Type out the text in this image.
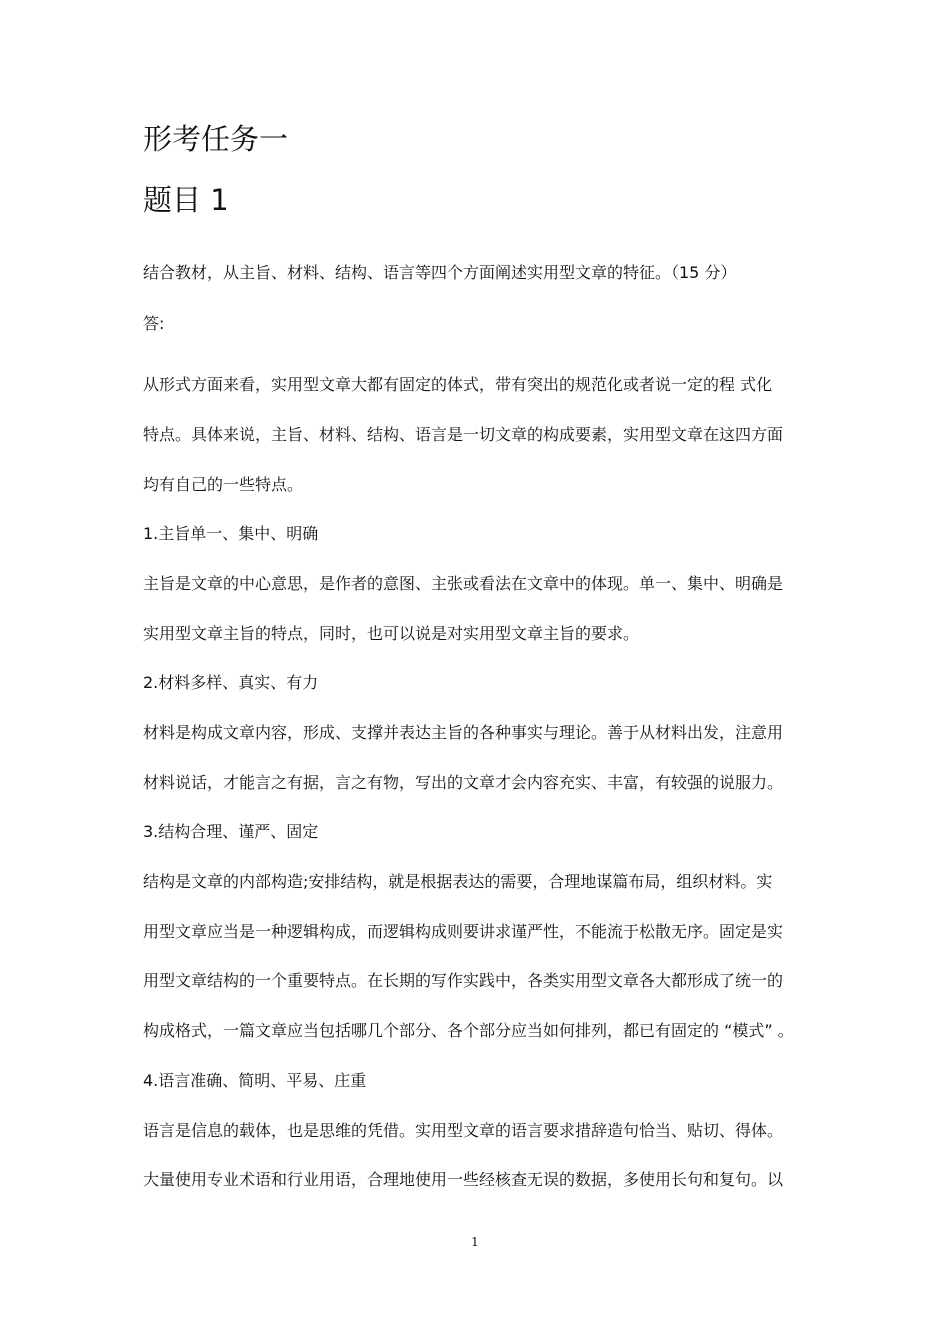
形考任务一
题目 1
结合教材，从主旨、材料、结构、语言等四个方面阐述实用型文章的特征。（15 分）
答:
从形式方面来看，实用型文章大都有固定的体式，带有突出的规范化或者说一定的程 式化
特点。具体来说，主旨、材料、结构、语言是一切文章的构成要素，实用型文章在这四方面
均有自己的一些特点。
1.主旨单一、集中、明确
主旨是文章的中心意思，是作者的意图、主张或看法在文章中的体现。单一、集中、明确是
实用型文章主旨的特点，同时，也可以说是对实用型文章主旨的要求。
2.材料多样、真实、有力
材料是构成文章内容，形成、支撑并表达主旨的各种事实与理论。善于从材料出发，注意用
材料说话，才能言之有据，言之有物，写出的文章才会内容充实、丰富，有较强的说服力。
3.结构合理、谨严、固定
结构是文章的内部构造;安排结构，就是根据表达的需要，合理地谋篇布局，组织材料。实
用型文章应当是一种逻辑构成，而逻辑构成则要讲求谨严性，不能流于松散无序。固定是实
用型文章结构的一个重要特点。在长期的写作实践中，各类实用型文章各大都形成了统一的
构成格式，一篇文章应当包括哪几个部分、各个部分应当如何排列，都已有固定的 “模式” 。
4.语言准确、简明、平易、庄重
语言是信息的载体，也是思维的凭借。实用型文章的语言要求措辞造句恰当、贴切、得体。
大量使用专业术语和行业用语，合理地使用一些经核查无误的数据，多使用长句和复句。以
1
